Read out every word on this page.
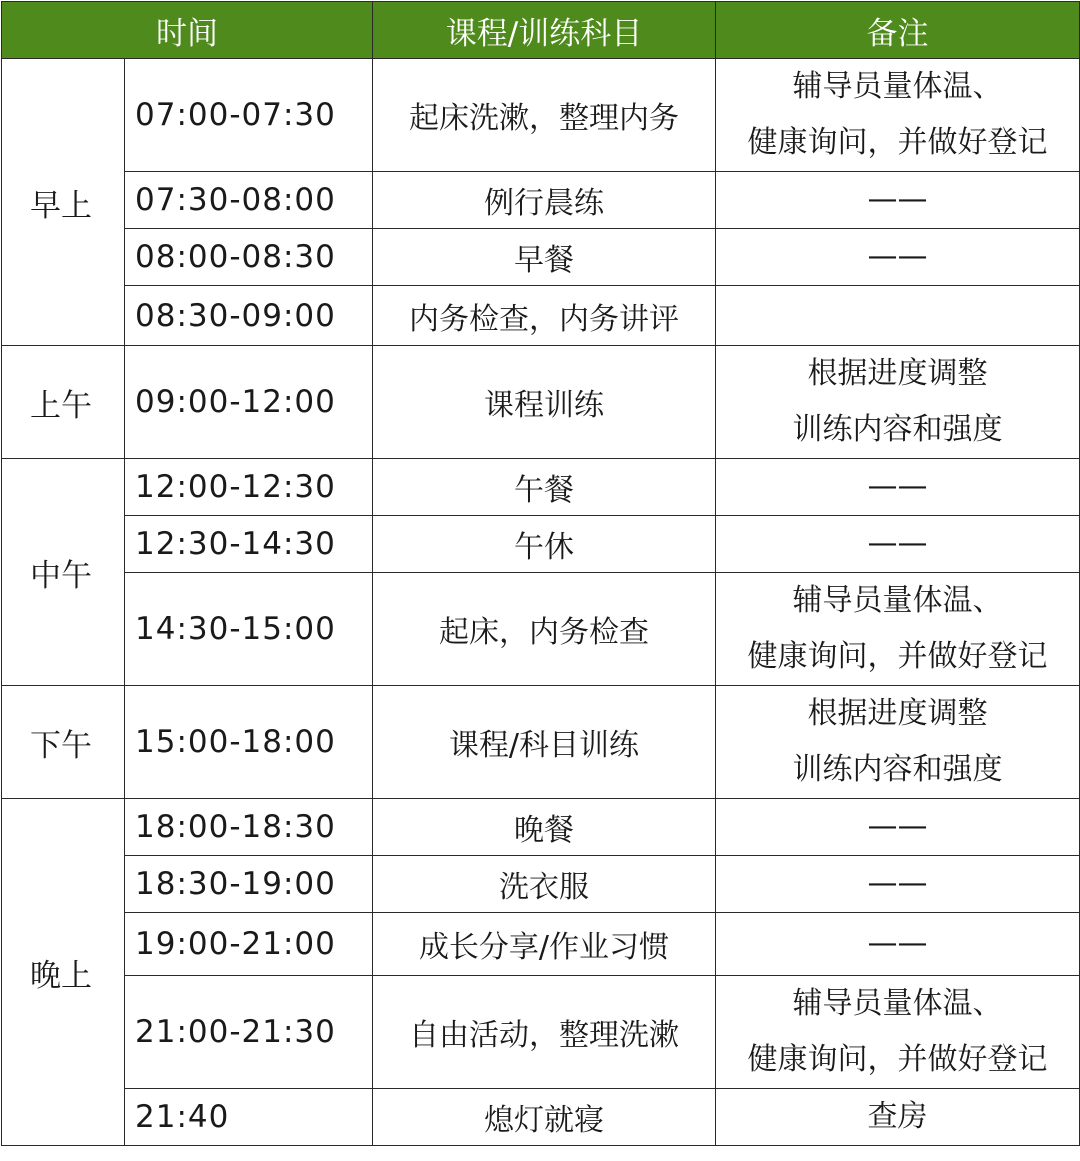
时间		课程/训练科目	备注
早上	07:00-07:30	起床洗漱，整理内务	辅导员量体温、
健康询问，并做好登记

	07:30-08:00	例行晨练	——
	08:00-08:30	早餐	——
	08:30-09:00	内务检查，内务讲评	
上午	09:00-12:00	课程训练	根据进度调整
训练内容和强度

中午	12:00-12:30	午餐	——
	12:30-14:30	午休	——
	14:30-15:00	起床，内务检查	辅导员量体温、
健康询问，并做好登记

下午	15:00-18:00	课程/科目训练	根据进度调整
训练内容和强度

晚上	18:00-18:30	晚餐	——
	18:30-19:00	洗衣服	——
	19:00-21:00	成长分享/作业习惯	——
	21:00-21:30	自由活动，整理洗漱	辅导员量体温、
健康询问，并做好登记

	21:40	熄灯就寝	查房
